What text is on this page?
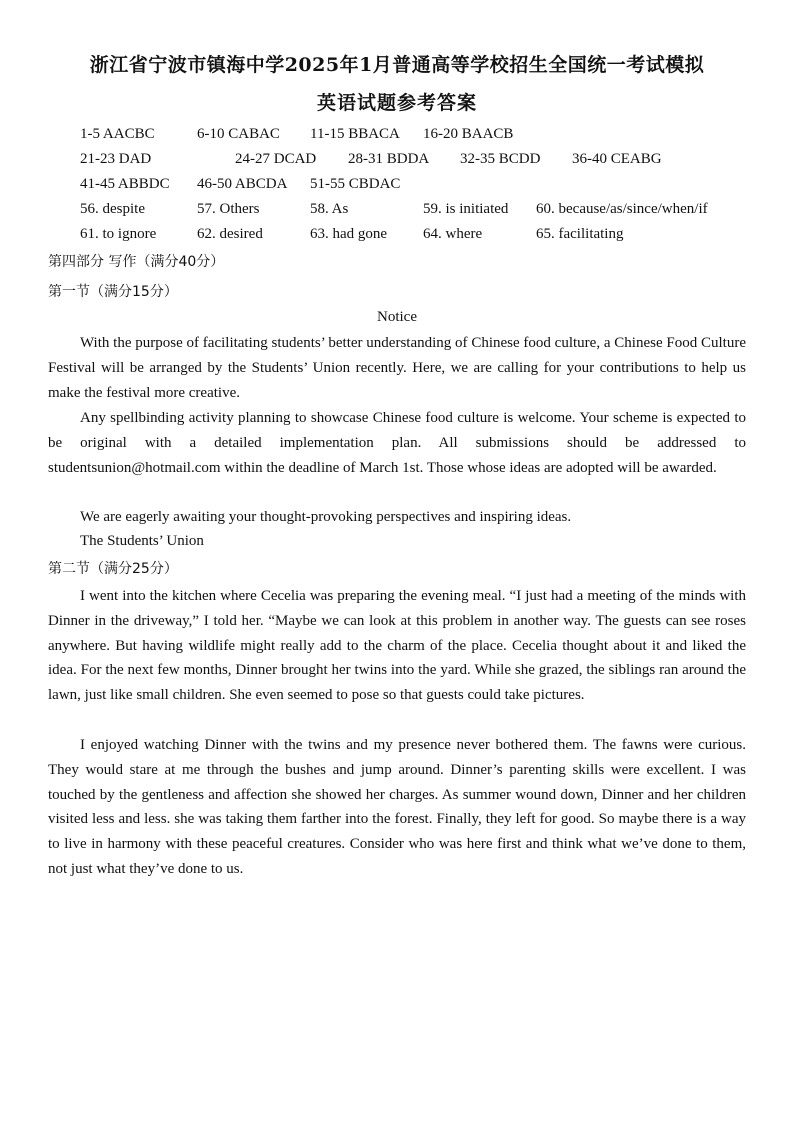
浙江省宁波市镇海中学2025年1月普通高等学校招生全国统一考试模拟
英语试题参考答案
1-5 AACBC	6-10 CABAC 11-15 BBACA 16-20 BAACB
21-23 DAD	24-27 DCAD 28-31 BDDA 32-35 BCDD 36-40 CEABG
41-45 ABBDC 46-50 ABCDA 51-55 CBDAC
56. despite	57. Others	58. As	59. is initiated 60. because/as/since/when/if
61. to ignore	62. desired	63. had gone 64. where	65. facilitating
第四部分 写作（满分40分）
第一节（满分15分）
Notice

With the purpose of facilitating students’ better understanding of Chinese food culture, a Chinese Food Culture Festival will be arranged by the Students’ Union recently. Here, we are calling for your contributions to help us make the festival more creative.

Any spellbinding activity planning to showcase Chinese food culture is welcome. Your scheme is expected to be original with a detailed implementation plan. All submissions should be addressed to studentsunion@hotmail.com within the deadline of March 1st. Those whose ideas are adopted will be awarded.

We are eagerly awaiting your thought-provoking perspectives and inspiring ideas.

The Students’ Union
第二节（满分25分）

I went into the kitchen where Cecelia was preparing the evening meal. “I just had a meeting of the minds with Dinner in the driveway,” I told her. “Maybe we can look at this problem in another way. The guests can see roses anywhere. But having wildlife might really add to the charm of the place. Cecelia thought about it and liked the idea. For the next few months, Dinner brought her twins into the yard. While she grazed, the siblings ran around the lawn, just like small children. She even seemed to pose so that guests could take pictures.

I enjoyed watching Dinner with the twins and my presence never bothered them. The fawns were curious. They would stare at me through the bushes and jump around. Dinner’s parenting skills were excellent. I was touched by the gentleness and affection she showed her charges. As summer wound down, Dinner and her children visited less and less. she was taking them farther into the forest. Finally, they left for good. So maybe there is a way to live in harmony with these peaceful creatures. Consider who was here first and think what we’ve done to them, not just what they’ve done to us.
